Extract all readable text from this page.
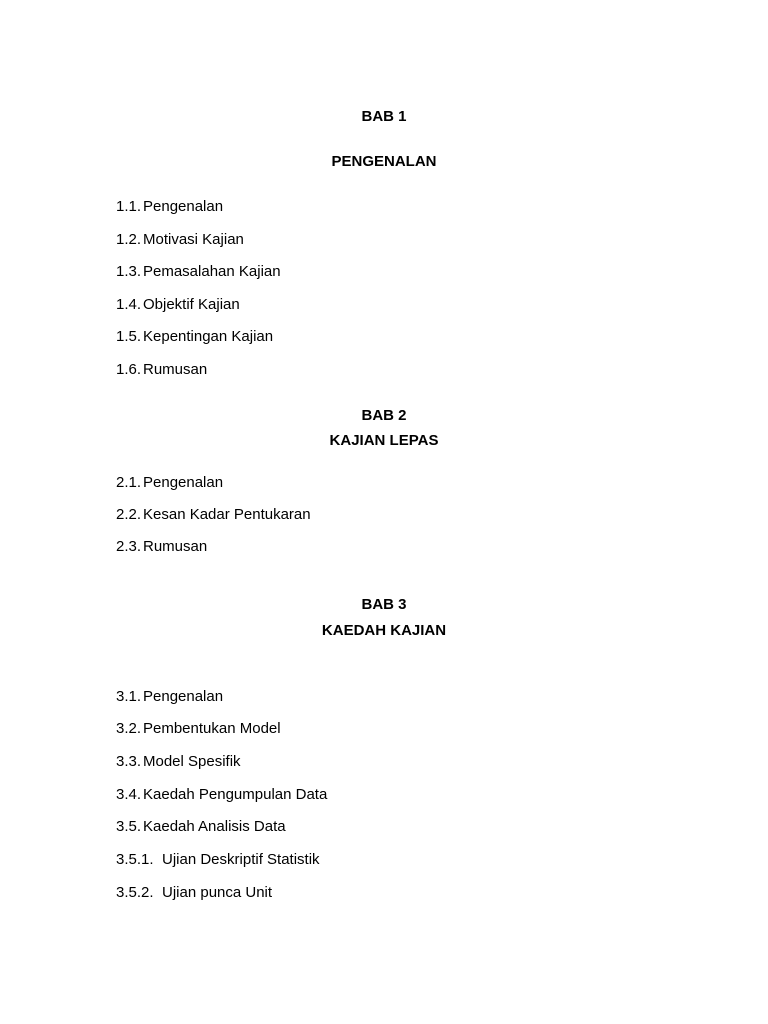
BAB 1
PENGENALAN
1.1. Pengenalan
1.2. Motivasi Kajian
1.3. Pemasalahan Kajian
1.4. Objektif Kajian
1.5. Kepentingan Kajian
1.6. Rumusan
BAB 2
KAJIAN LEPAS
2.1. Pengenalan
2.2. Kesan Kadar Pentukaran
2.3. Rumusan
BAB 3
KAEDAH KAJIAN
3.1. Pengenalan
3.2. Pembentukan Model
3.3. Model Spesifik
3.4. Kaedah Pengumpulan Data
3.5. Kaedah Analisis Data
3.5.1. Ujian Deskriptif Statistik
3.5.2. Ujian punca Unit
